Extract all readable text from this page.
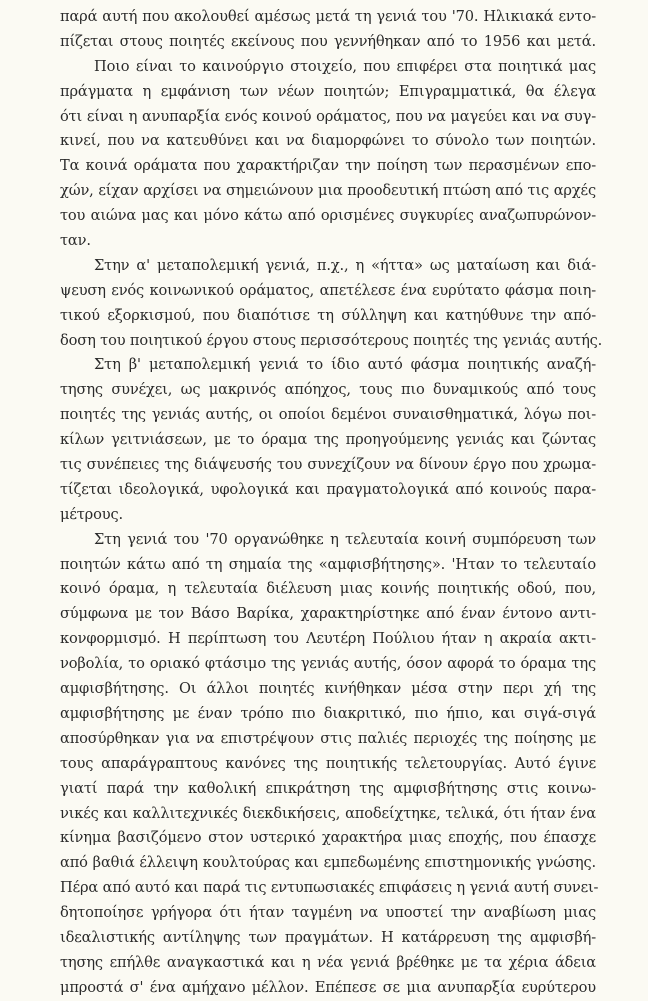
παρά αυτή που ακολουθεί αμέσως μετά τη γενιά του '70. Ηλικιακά εντο-
πίζεται στους ποιητές εκείνους που γεννήθηκαν από το 1956 και μετά.
Ποιο είναι το καινούργιο στοιχείο, που επιφέρει στα ποιητικά μας
πράγματα η εμφάνιση των νέων ποιητών; Επιγραμματικά, θα έλεγα
ότι είναι η ανυπαρξία ενός κοινού οράματος, που να μαγεύει και να συγ-
κινεί, που να κατευθύνει και να διαμορφώνει το σύνολο των ποιητών.
Τα κοινά οράματα που χαρακτήριζαν την ποίηση των περασμένων επο-
χών, είχαν αρχίσει να σημειώνουν μια προοδευτική πτώση από τις αρχές
του αιώνα μας και μόνο κάτω από ορισμένες συγκυρίες αναζωπυρώνον-
ταν.
Στην α' μεταπολεμική γενιά, π.χ., η «ήττα» ως ματαίωση και διά-
ψευση ενός κοινωνικού οράματος, απετέλεσε ένα ευρύτατο φάσμα ποιη-
τικού εξορκισμού, που διαπότισε τη σύλληψη και κατηύθυνε την από-
δοση του ποιητικού έργου στους περισσότερους ποιητές της γενιάς αυτής.
Στη β' μεταπολεμική γενιά το ίδιο αυτό φάσμα ποιητικής αναζή-
τησης συνέχει, ως μακρινός απόηχος, τους πιο δυναμικούς από τους
ποιητές της γενιάς αυτής, οι οποίοι δεμένοι συναισθηματικά, λόγω ποι-
κίλων γειτνιάσεων, με το όραμα της προηγούμενης γενιάς και ζώντας
τις συνέπειες της διάψευσής του συνεχίζουν να δίνουν έργο που χρωμα-
τίζεται ιδεολογικά, υφολογικά και πραγματολογικά από κοινούς παρα-
μέτρους.
Στη γενιά του '70 οργανώθηκε η τελευταία κοινή συμπόρευση των
ποιητών κάτω από τη σημαία της «αμφισβήτησης». 'Ηταν το τελευταίο
κοινό όραμα, η τελευταία διέλευση μιας κοινής ποιητικής οδού, που,
σύμφωνα με τον Βάσο Βαρίκα, χαρακτηρίστηκε από έναν έντονο αντι-
κονφορμισμό. Η περίπτωση του Λευτέρη Πούλιου ήταν η ακραία ακτι-
νοβολία, το οριακό φτάσιμο της γενιάς αυτής, όσον αφορά το όραμα της
αμφισβήτησης. Οι άλλοι ποιητές κινήθηκαν μέσα στην περι χή της
αμφισβήτησης με έναν τρόπο πιο διακριτικό, πιο ήπιο, και σιγά-σιγά
αποσύρθηκαν για να επιστρέψουν στις παλιές περιοχές της ποίησης με
τους απαράγραπτους κανόνες της ποιητικής τελετουργίας. Αυτό έγινε
γιατί παρά την καθολική επικράτηση της αμφισβήτησης στις κοινω-
νικές και καλλιτεχνικές διεκδικήσεις, αποδείχτηκε, τελικά, ότι ήταν ένα
κίνημα βασιζόμενο στον υστερικό χαρακτήρα μιας εποχής, που έπασχε
από βαθιά έλλειψη κουλτούρας και εμπεδωμένης επιστημονικής γνώσης.
Πέρα από αυτό και παρά τις εντυπωσιακές επιφάσεις η γενιά αυτή συνει-
δητοποίησε γρήγορα ότι ήταν ταγμένη να υποστεί την αναβίωση μιας
ιδεαλιστικής αντίληψης των πραγμάτων. Η κατάρρευση της αμφισβή-
τησης επήλθε αναγκαστικά και η νέα γενιά βρέθηκε με τα χέρια άδεια
μπροστά σ' ένα αμήχανο μέλλον. Επέπεσε σε μια ανυπαρξία ευρύτερου
